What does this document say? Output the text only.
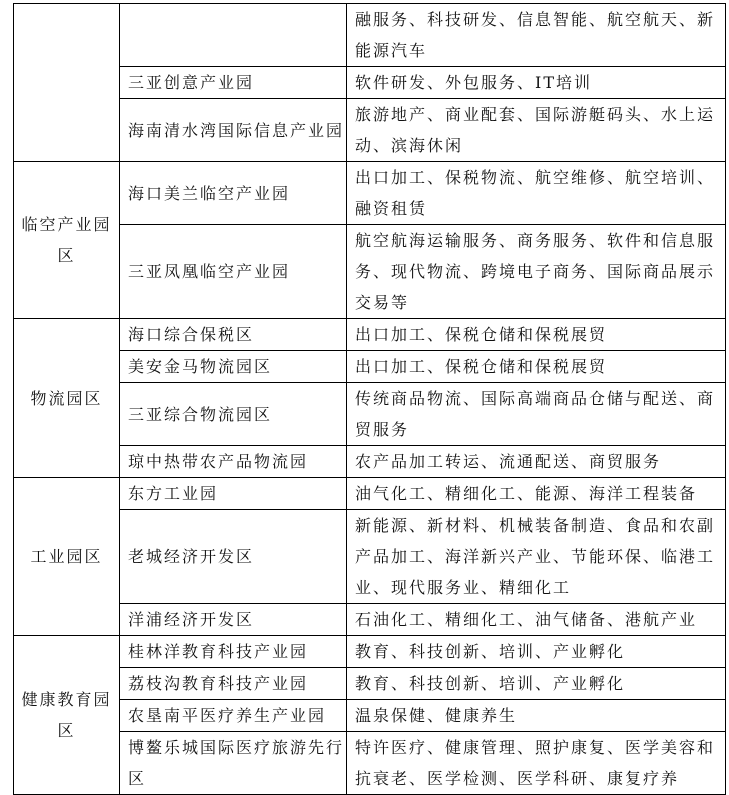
		融服务、科技研发、信息智能、航空航天、新能源汽车
	三亚创意产业园	软件研发、外包服务、IT培训
	海南清水湾国际信息产业园	旅游地产、商业配套、国际游艇码头、水上运动、滨海休闲
临空产业园区	海口美兰临空产业园	出口加工、保税物流、航空维修、航空培训、融资租赁
	三亚凤凰临空产业园	航空航海运输服务、商务服务、软件和信息服务、现代物流、跨境电子商务、国际商品展示交易等
物流园区	海口综合保税区	出口加工、保税仓储和保税展贸
	美安金马物流园区	出口加工、保税仓储和保税展贸
	三亚综合物流园区	传统商品物流、国际高端商品仓储与配送、商贸服务
	琼中热带农产品物流园	农产品加工转运、流通配送、商贸服务
工业园区	东方工业园	油气化工、精细化工、能源、海洋工程装备
	老城经济开发区	新能源、新材料、机械装备制造、食品和农副产品加工、海洋新兴产业、节能环保、临港工业、现代服务业、精细化工
	洋浦经济开发区	石油化工、精细化工、油气储备、港航产业
健康教育园区	桂林洋教育科技产业园	教育、科技创新、培训、产业孵化
	荔枝沟教育科技产业园	教育、科技创新、培训、产业孵化
	农垦南平医疗养生产业园	温泉保健、健康养生
	博鳌乐城国际医疗旅游先行区	特许医疗、健康管理、照护康复、医学美容和抗衰老、医学检测、医学科研、康复疗养
